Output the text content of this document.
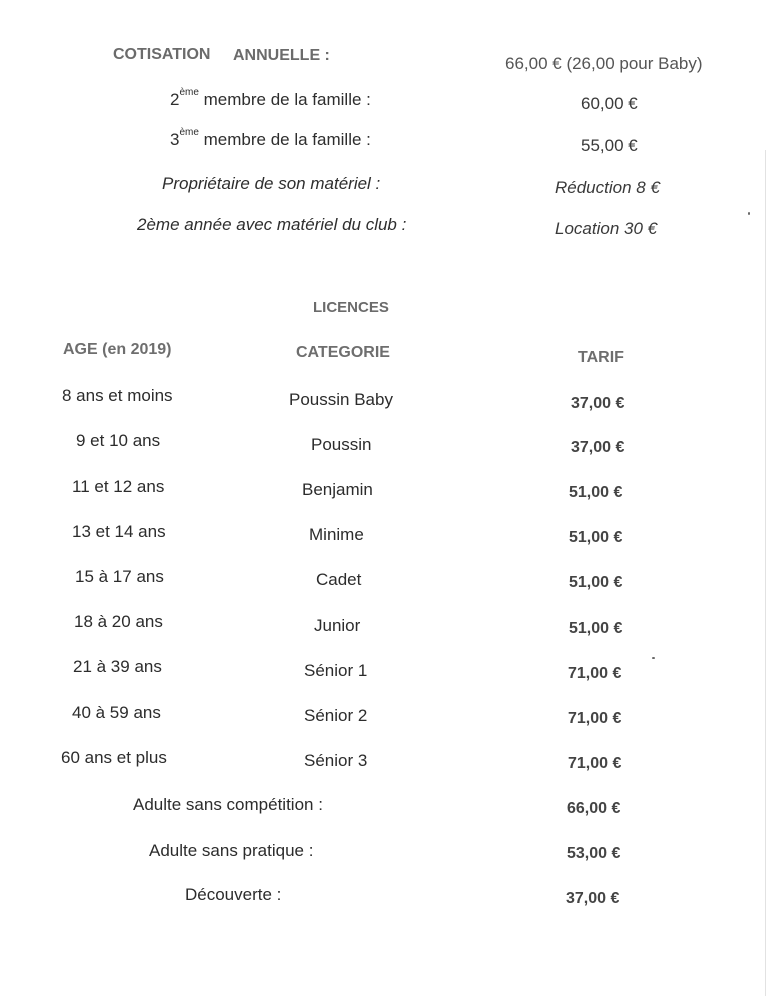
COTISATION ANNUELLE :	66,00 € (26,00 pour Baby)
2ème membre de la famille :	60,00 €
3ème membre de la famille :	55,00 €
Propriétaire de son matériel :	Réduction 8 €
2ème année avec matériel du club :	Location 30 €
LICENCES
AGE (en 2019)	CATEGORIE	TARIF
8 ans et moins	Poussin Baby	37,00 €
9 et 10 ans	Poussin	37,00 €
11 et 12 ans	Benjamin	51,00 €
13 et 14 ans	Minime	51,00 €
15 à 17 ans	Cadet	51,00 €
18 à 20 ans	Junior	51,00 €
21 à 39 ans	Sénior 1	71,00 €
40 à 59 ans	Sénior 2	71,00 €
60 ans et plus	Sénior 3	71,00 €
Adulte sans compétition :	66,00 €
Adulte sans pratique :	53,00 €
Découverte :	37,00 €
